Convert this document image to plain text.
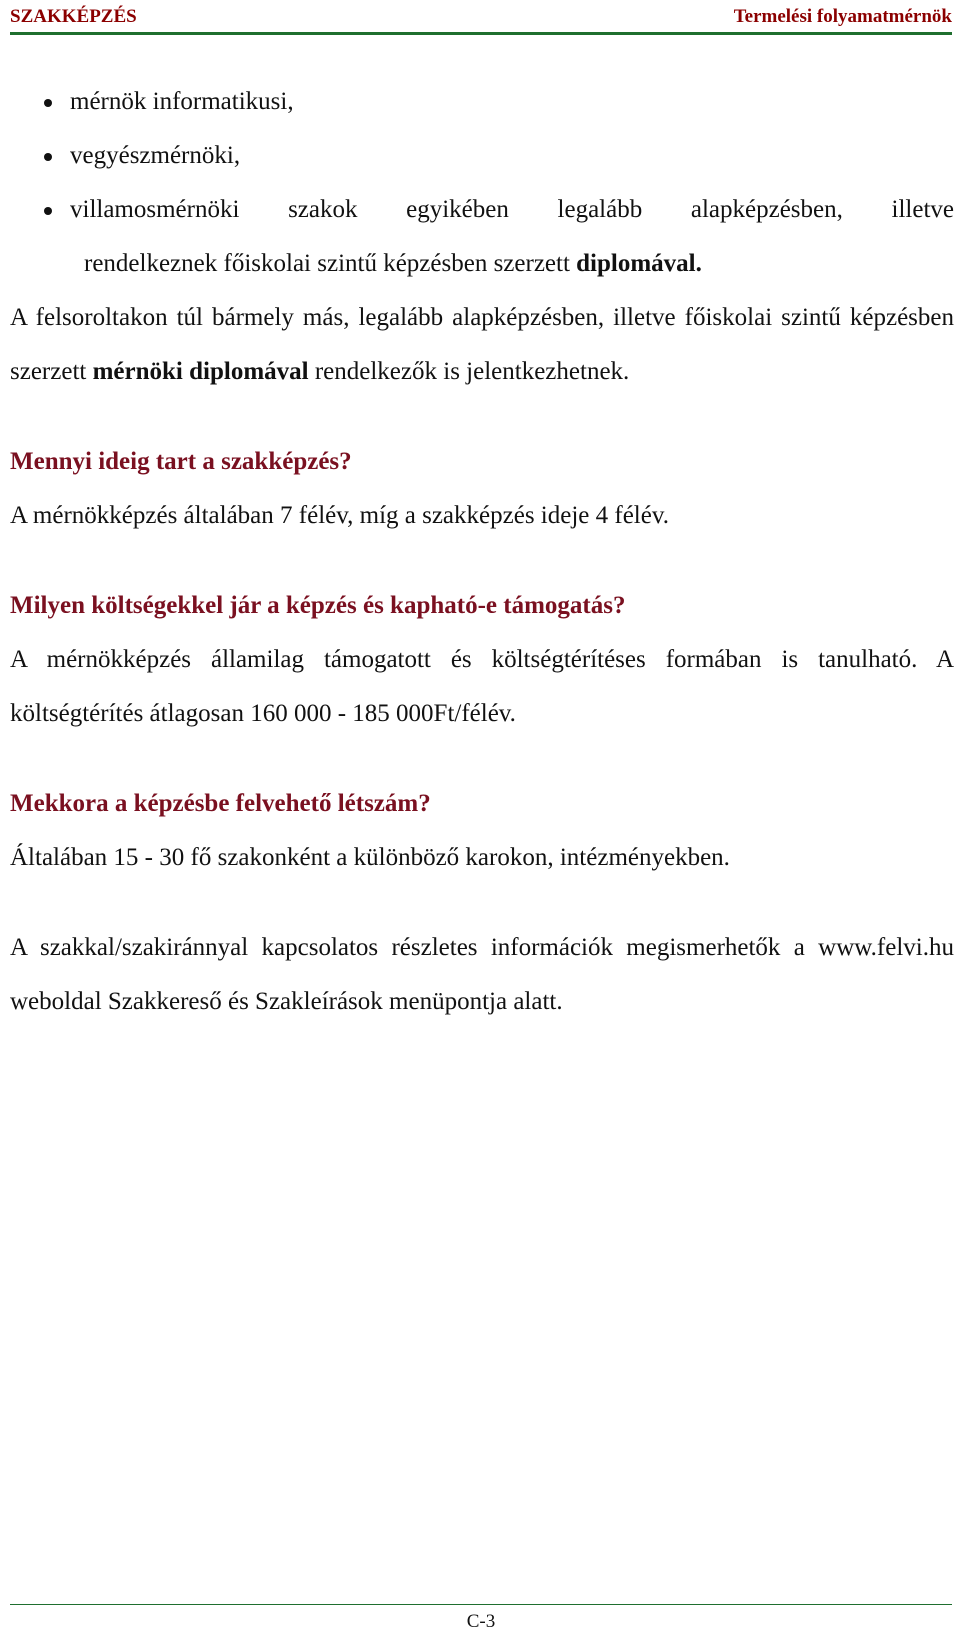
SZAKKÉPZÉS	Termelési folyamatmérnök
mérnök informatikusi,
vegyészmérnöki,
villamosmérnöki szakok egyikében legalább alapképzésben, illetve

rendelkeznek főiskolai szintű képzésben szerzett diplomával.

A felsoroltakon túl bármely más, legalább alapképzésben, illetve főiskolai szintű képzésben szerzett mérnöki diplomával rendelkezők is jelentkezhetnek.

Mennyi ideig tart a szakképzés?

A mérnökképzés általában 7 félév, míg a szakképzés ideje 4 félév.

Milyen költségekkel jár a képzés és kapható-e támogatás?

A mérnökképzés államilag támogatott és költségtérítéses formában is tanulható. A költségtérítés átlagosan 160 000 - 185 000Ft/félév.

Mekkora a képzésbe felvehető létszám?

Általában 15 - 30 fő szakonként a különböző karokon, intézményekben.

A szakkal/szakiránnyal kapcsolatos részletes információk megismerhetők a www.felvi.hu weboldal Szakkereső és Szakleírások menüpontja alatt.

C-3
